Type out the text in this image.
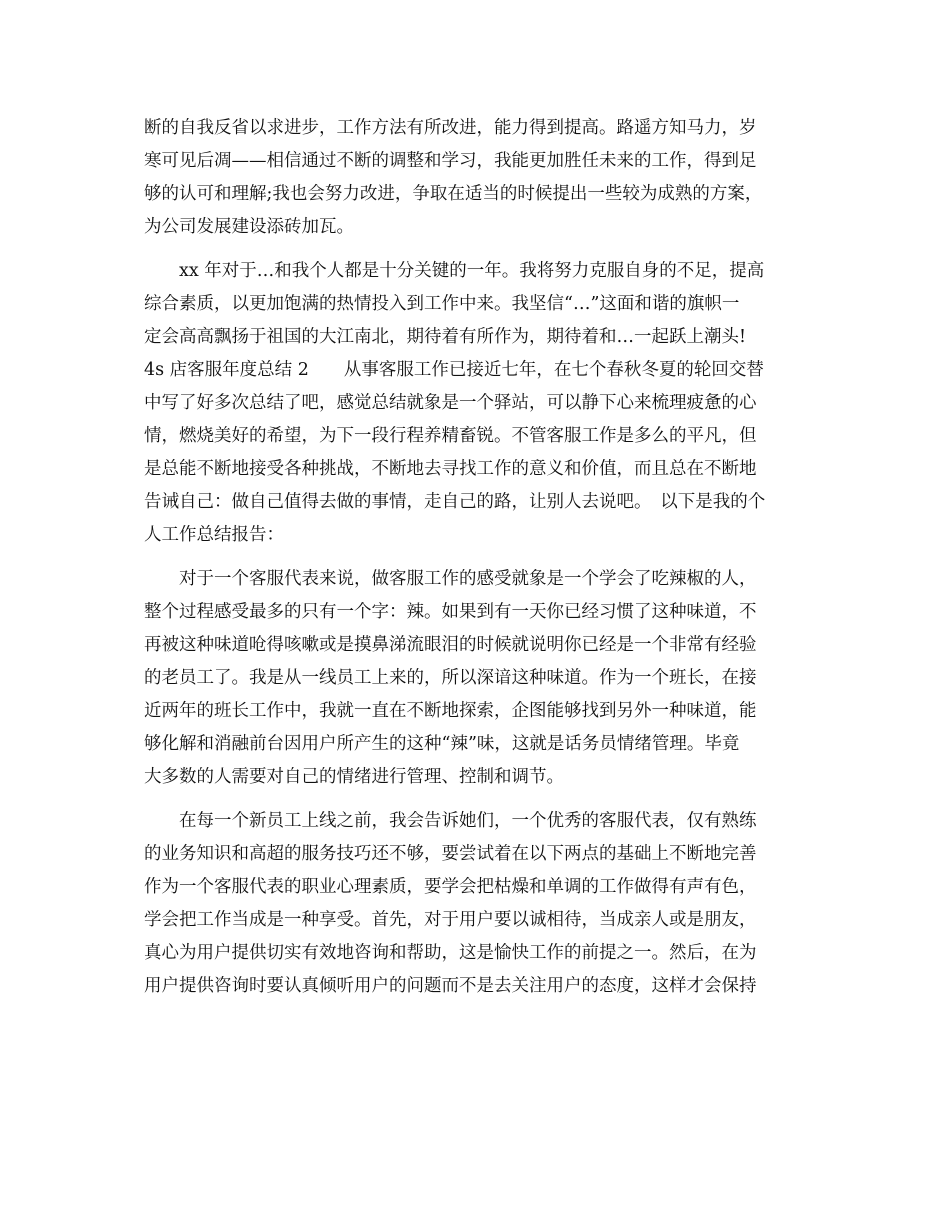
断的自我反省以求进步，工作方法有所改进，能力得到提高。路遥方知马力，岁
寒可见后凋——相信通过不断的调整和学习，我能更加胜任未来的工作，得到足
够的认可和理解;我也会努力改进，争取在适当的时候提出一些较为成熟的方案，
为公司发展建设添砖加瓦。
　　xx 年对于…和我个人都是十分关键的一年。我将努力克服自身的不足，提高
综合素质，以更加饱满的热情投入到工作中来。我坚信“…”这面和谐的旗帜一
定会高高飘扬于祖国的大江南北，期待着有所作为，期待着和…一起跃上潮头!
4s 店客服年度总结 2　　从事客服工作已接近七年，在七个春秋冬夏的轮回交替
中写了好多次总结了吧，感觉总结就象是一个驿站，可以静下心来梳理疲惫的心
情，燃烧美好的希望，为下一段行程养精畜锐。不管客服工作是多么的平凡，但
是总能不断地接受各种挑战，不断地去寻找工作的意义和价值，而且总在不断地
告诫自己：做自己值得去做的事情，走自己的路，让别人去说吧。　以下是我的个
人工作总结报告：
　　对于一个客服代表来说，做客服工作的感受就象是一个学会了吃辣椒的人，
整个过程感受最多的只有一个字：辣。如果到有一天你已经习惯了这种味道，不
再被这种味道呛得咳嗽或是摸鼻涕流眼泪的时候就说明你已经是一个非常有经验
的老员工了。我是从一线员工上来的，所以深谙这种味道。作为一个班长，在接
近两年的班长工作中，我就一直在不断地探索，企图能够找到另外一种味道，能
够化解和消融前台因用户所产生的这种“辣”味，这就是话务员情绪管理。毕竟
大多数的人需要对自己的情绪进行管理、控制和调节。
　　在每一个新员工上线之前，我会告诉她们，一个优秀的客服代表，仅有熟练
的业务知识和高超的服务技巧还不够，要尝试着在以下两点的基础上不断地完善
作为一个客服代表的职业心理素质，要学会把枯燥和单调的工作做得有声有色，
学会把工作当成是一种享受。首先，对于用户要以诚相待，当成亲人或是朋友，
真心为用户提供切实有效地咨询和帮助，这是愉快工作的前提之一。然后，在为
用户提供咨询时要认真倾听用户的问题而不是去关注用户的态度，这样才会保持
